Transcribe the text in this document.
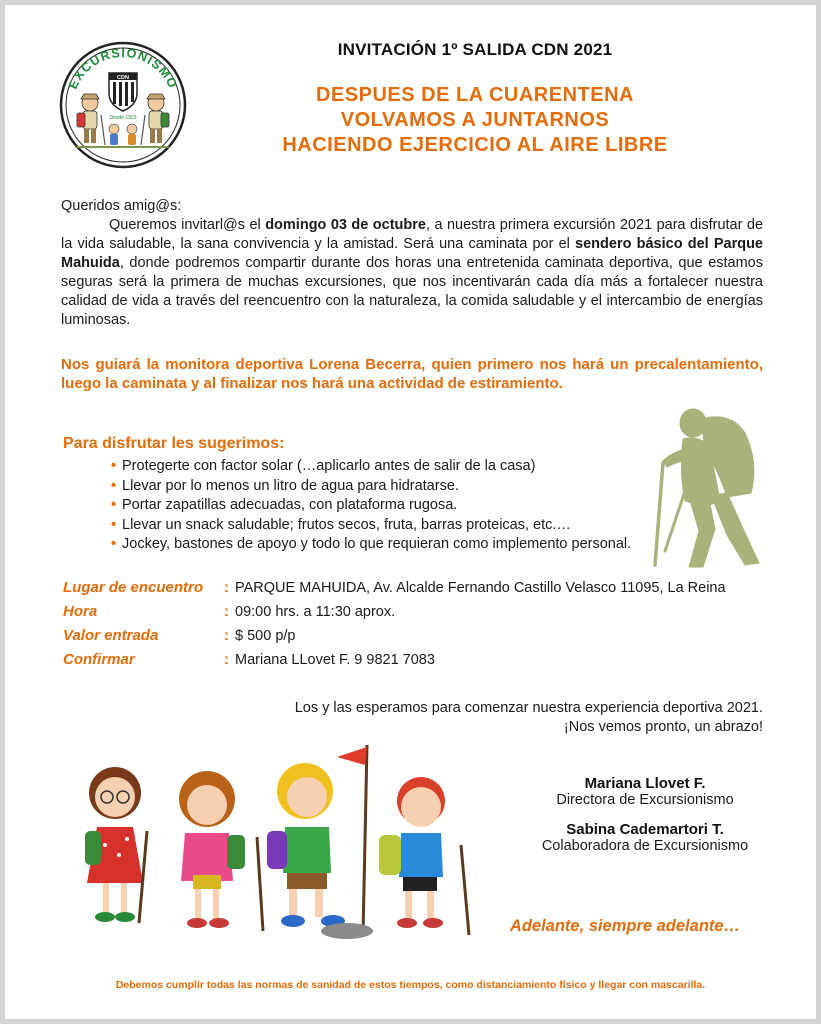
EXCURSIONISMO
CDN
Desde 1923
INVITACIÓN 1º SALIDA CDN 2021
DESPUES DE LA CUARENTENA
VOLVAMOS A JUNTARNOS
HACIENDO EJERCICIO AL AIRE LIBRE
Queridos amig@s:
Queremos invitarl@s el domingo 03 de octubre, a nuestra primera excursión 2021 para disfrutar de la vida saludable, la sana convivencia y la amistad. Será una caminata por el sendero básico del Parque Mahuida, donde podremos compartir durante dos horas una entretenida caminata deportiva, que estamos seguras será la primera de muchas excursiones, que nos incentivarán cada día más a fortalecer nuestra calidad de vida a través del reencuentro con la naturaleza, la comida saludable y el intercambio de energías luminosas.
Nos guiará la monitora deportiva Lorena Becerra, quien primero nos hará un precalentamiento, luego la caminata y al finalizar nos hará una actividad de estiramiento.
Para disfrutar les sugerimos:
• Protegerte con factor solar (…aplicarlo antes de salir de la casa)
• Llevar por lo menos un litro de agua para hidratarse.
• Portar zapatillas adecuadas, con plataforma rugosa.
• Llevar un snack saludable; frutos secos, fruta, barras proteicas, etc.…
• Jockey, bastones de apoyo y todo lo que requieran como implemento personal.
Lugar de encuentro : PARQUE MAHUIDA, Av. Alcalde Fernando Castillo Velasco 11095, La Reina
Hora	: 09:00 hrs. a 11:30 aprox.
Valor entrada	: $ 500 p/p
Confirmar	: Mariana LLovet F. 9 9821 7083
Los y las esperamos para comenzar nuestra experiencia deportiva 2021.
¡Nos vemos pronto, un abrazo!
Mariana Llovet F.
Directora de Excursionismo
Sabina Cademartori T.
Colaboradora de Excursionismo
Adelante, siempre adelante…
Debemos cumplir todas las normas de sanidad de estos tiempos, como distanciamiento físico y llegar con mascarilla.
